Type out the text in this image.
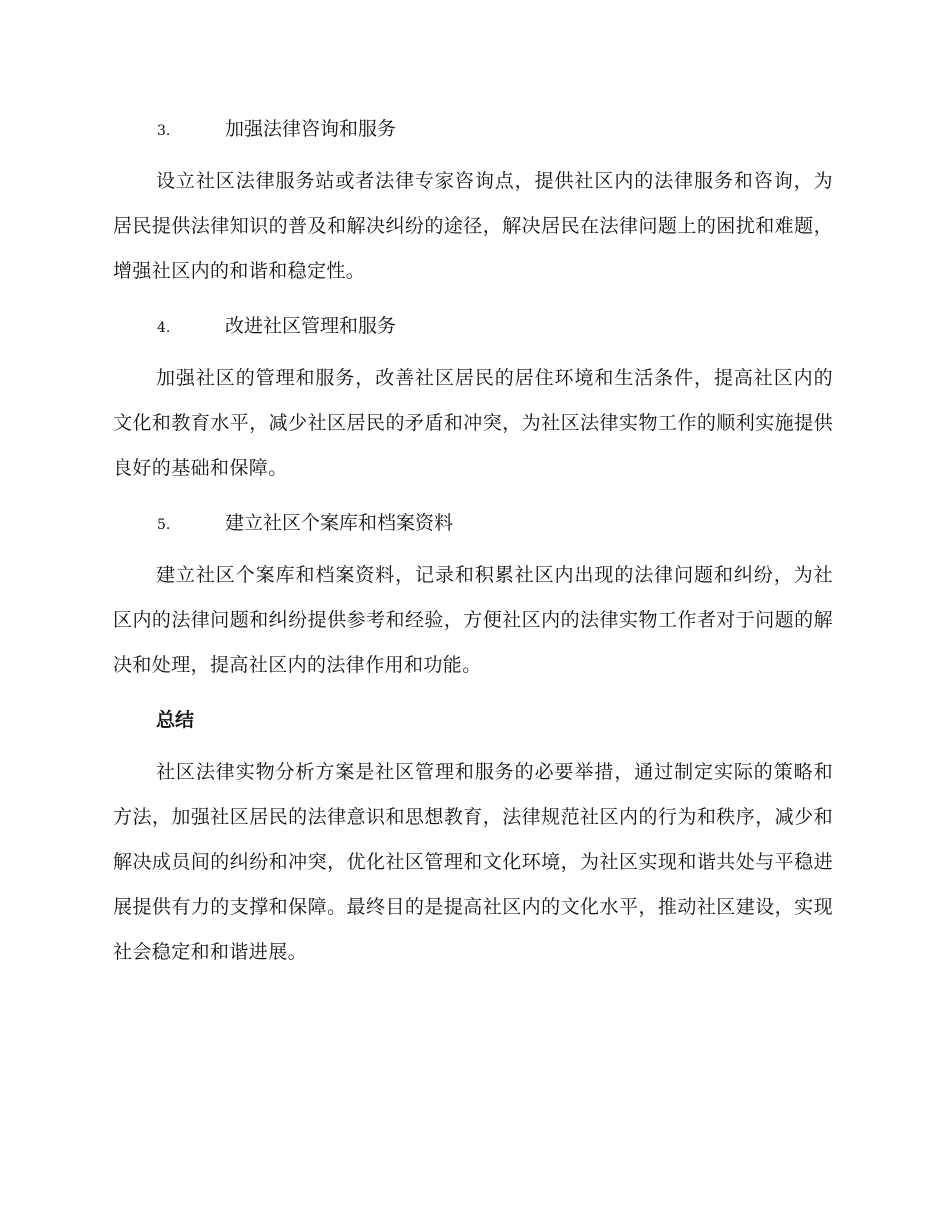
3.	加强法律咨询和服务

设立社区法律服务站或者法律专家咨询点，提供社区内的法律服务和咨询，为居民提供法律知识的普及和解决纠纷的途径，解决居民在法律问题上的困扰和难题，增强社区内的和谐和稳定性。

4.	改进社区管理和服务

加强社区的管理和服务，改善社区居民的居住环境和生活条件，提高社区内的文化和教育水平，减少社区居民的矛盾和冲突，为社区法律实物工作的顺利实施提供良好的基础和保障。

5.	建立社区个案库和档案资料

建立社区个案库和档案资料，记录和积累社区内出现的法律问题和纠纷，为社区内的法律问题和纠纷提供参考和经验，方便社区内的法律实物工作者对于问题的解决和处理，提高社区内的法律作用和功能。

总结

社区法律实物分析方案是社区管理和服务的必要举措，通过制定实际的策略和方法，加强社区居民的法律意识和思想教育，法律规范社区内的行为和秩序，减少和解决成员间的纠纷和冲突，优化社区管理和文化环境，为社区实现和谐共处与平稳进展提供有力的支撑和保障。最终目的是提高社区内的文化水平，推动社区建设，实现社会稳定和和谐进展。
